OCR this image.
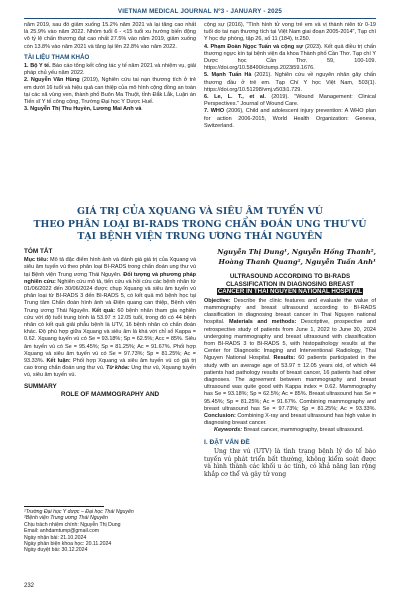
VIETNAM MEDICAL JOURNAL Nº3 - JANUARY - 2025

năm 2019, sau đó giảm xuống 15.2% năm 2021 và lại tăng cao nhất là 25.9% vào năm 2022. Nhóm tuổi 6 - <15 tuổi xu hướng biến động vô tỷ lệ chấn thương đạt cao nhất 27.5% vào năm 2019, giảm xuống còn 13.8% vào năm 2021 và tăng lại lên 22.8% vào năm 2022.

TÀI LIỆU THAM KHẢO

1. Bộ Y tế. Báo cáo tổng kết công tác y tế năm 2021 và nhiệm vụ, giải pháp chủ yếu năm 2022.

2. Nguyễn Văn Hùng (2019), Nghiên cứu tai nạn thương tích ở trẻ em dưới 16 tuổi và hiệu quả can thiệp của mô hình cộng đồng an toàn tại các xã vùng ven, thành phố Buôn Ma Thuột, tỉnh Đắk Lắk, Luận án Tiến sĩ Y tế công cộng, Trường Đại học Y Dược Huế.

3. Nguyễn Thị Thu Huyền, Lương Mai Anh và

cộng sự (2016), "Tình hình tử vong trẻ em và vị thành niên từ 0-19 tuổi do tai nạn thương tích tại Việt Nam giai đoạn 2005-2014", Tạp chí Y học dự phòng, tập 26, số 11 (184), tr.250.

4. Phạm Đoàn Ngọc Tuấn và cộng sự (2023). Kết quả điều trị chấn thương ngực kín tại bệnh viện đa khoa Thành phố Cần Thơ. Tạp chí Y Dược học Cần Thơ. 59, 100-109. https://doi.org/10.58490/ctump.2023i59.1676.

5. Mạnh Tuấn Hà (2021). Nghiên cứu về nguyên nhân gây chấn thương đầu ở trẻ em. Tạp Chí Y học Việt Nam, 503(1). https://doi.org/10.51298/vmj.v503i1.729.

6. Le, L. T., et al. (2019). "Wound Management: Clinical Perspectives." Journal of Wound Care.

7. WHO (2006), Child and adolescent injury prevention: A WHO plan for action 2006-2015, World Health Organization: Geneva, Switzerland.

GIÁ TRỊ CỦA XQUANG VÀ SIÊU ÂM TUYẾN VÚ
THEO PHÂN LOẠI BI-RADS TRONG CHẨN ĐOÁN UNG THƯ VÚ
TẠI BỆNH VIỆN TRUNG ƯƠNG THÁI NGUYÊN
TÓM TẮT

Mục tiêu: Mô tả đặc điểm hình ảnh và đánh giá giá trị của Xquang và siêu âm tuyến vú theo phân loại BI-RADS trong chẩn đoán ung thư vú tại Bệnh viện Trung ương Thái Nguyên. Đối tượng và phương pháp nghiên cứu: Nghiên cứu mô tả, tiến cứu và hồi cứu các bệnh nhân từ 01/06/2022 đến 30/06/2024 được chụp Xquang và siêu âm tuyến vú phân loại từ BI-RADS 3 đến BI-RADS 5, có kết quả mô bệnh học tại Trung tâm Chẩn đoán hình ảnh và Điện quang can thiệp, Bệnh viện Trung ương Thái Nguyên. Kết quả: 60 bệnh nhân tham gia nghiên cứu với độ tuổi trung bình là 53.97 ± 12.05 tuổi, trong đó có 44 bệnh nhân có kết quả giải phẫu bệnh là UTV, 16 bệnh nhân có chẩn đoán khác. Độ phù hợp giữa Xquang và siêu âm là khá với chỉ số Kappa = 0.62. Xquang tuyến vú có Se = 93.18%; Sp = 62.5%; Acc = 85%. Siêu âm tuyến vú có Se = 95.45%; Sp = 81.25%; Ac = 91.67%. Phối hợp Xquang và siêu âm tuyến vú có Se = 97.73%; Sp = 81.25%; Ac = 93.33%. Kết luận: Phối hợp Xquang và siêu âm tuyến vú có giá trị cao trong chẩn đoán ung thư vú. Từ khóa: Ung thư vú, Xquang tuyến vú, siêu âm tuyến vú.

SUMMARY
ROLE OF MAMMOGRAPHY AND
Nguyễn Thị Dung¹, Nguyễn Hồng Thanh²,
Hoàng Thanh Quang², Nguyễn Tuấn Anh¹
ULTRASOUND ACCORDING TO BI-RADS
CLASSIFICATION IN DIAGNOSING BREAST
CANCER IN THAI NGUYEN NATIONAL HOSPITAL

Objective: Describe the clinic features and evaluate the value of mammography and breast ultrasound according to BI-RADS classification in diagnosing breast cancer in Thai Nguyen national hospital. Materials and methods: Descriptive, prospective and retrospective study of patients from June 1, 2022 to June 30, 2024 undergoing mammography and breast ultrasound with classification from BI-RADS 3 to BI-RADS 5, with histopathology results at the Center for Diagnostic Imaging and Interventional Radiology, Thai Nguyen National Hospital. Results: 60 patients participated in the study with an average age of 53.97 ± 12.05 years old, of which 44 patients had pathology results of breast cancer, 16 patients had other diagnoses. The agreement between mammography and breast ultrasound was quite good with Kappa index = 0.62. Mammography has Se = 93.18%; Sp = 62.5%; Ac = 85%. Breast ultrasound has Se = 95.45%; Sp = 81.25%; Ac = 91.67%. Combining mammography and breast ultrasound has Se = 97.73%; Sp = 81.25%; Ac = 93.33%. Conclusion: Combining X-ray and breast ultrasound has high value in diagnosing breast cancer.

Keywords: Breast cancer, mammography, breast ultrasound.

I. ĐẶT VẤN ĐỀ

Ung thư vú (UTV) là tình trạng bệnh lý do tế bào tuyến vú phát triển bất thường, không kiểm soát được và hình thành các khối u ác tính, có khả năng lan rộng khắp cơ thể và gây tử vong

¹Trường Đại học Y dược – Đại học Thái Nguyên
²Bệnh viện Trung ương Thái Nguyên
Chịu trách nhiệm chính: Nguyễn Thị Dung
Email: anhdamtump@gmail.com
Ngày nhận bài: 21.10.2024
Ngày phản biện khoa học: 20.11.2024
Ngày duyệt bài: 30.12.2024
232
